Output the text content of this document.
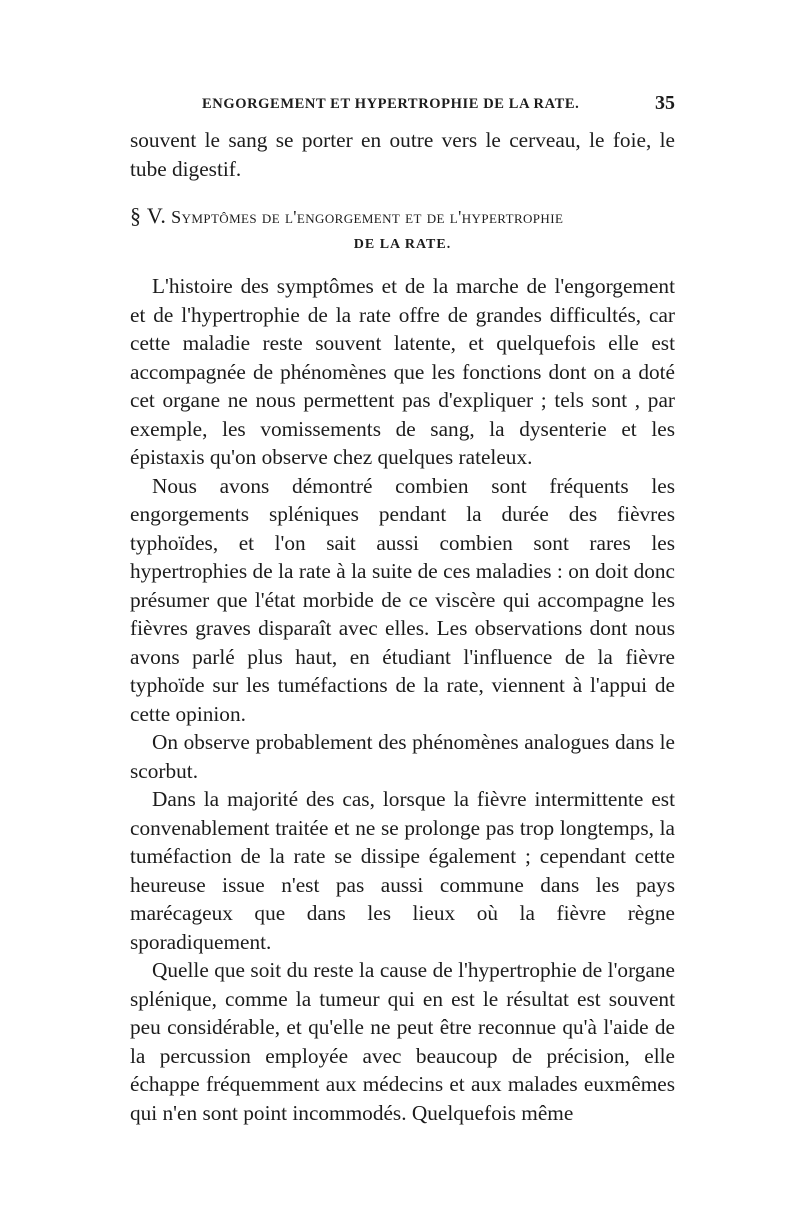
ENGORGEMENT ET HYPERTROPHIE DE LA RATE.	35

souvent le sang se porter en outre vers le cerveau, le foie, le tube digestif.

§ V. Symptômes de l'engorgement et de l'hypertrophie
DE LA RATE.

L'histoire des symptômes et de la marche de l'engorgement et de l'hypertrophie de la rate offre de grandes difficultés, car cette maladie reste souvent latente, et quelquefois elle est accompagnée de phénomènes que les fonctions dont on a doté cet organe ne nous permettent pas d'expliquer ; tels sont , par exemple, les vomissements de sang, la dysenterie et les épistaxis qu'on observe chez quelques rateleux.

Nous avons démontré combien sont fréquents les engorgements spléniques pendant la durée des fièvres typhoïdes, et l'on sait aussi combien sont rares les hypertrophies de la rate à la suite de ces maladies : on doit donc présumer que l'état morbide de ce viscère qui accompagne les fièvres graves disparaît avec elles. Les observations dont nous avons parlé plus haut, en étudiant l'influence de la fièvre typhoïde sur les tuméfactions de la rate, viennent à l'appui de cette opinion.

On observe probablement des phénomènes analogues dans le scorbut.

Dans la majorité des cas, lorsque la fièvre intermittente est convenablement traitée et ne se prolonge pas trop longtemps, la tuméfaction de la rate se dissipe également ; cependant cette heureuse issue n'est pas aussi commune dans les pays marécageux que dans les lieux où la fièvre règne sporadiquement.

Quelle que soit du reste la cause de l'hypertrophie de l'organe splénique, comme la tumeur qui en est le résultat est souvent peu considérable, et qu'elle ne peut être reconnue qu'à l'aide de la percussion employée avec beaucoup de précision, elle échappe fréquemment aux médecins et aux malades euxmêmes qui n'en sont point incommodés. Quelquefois même
